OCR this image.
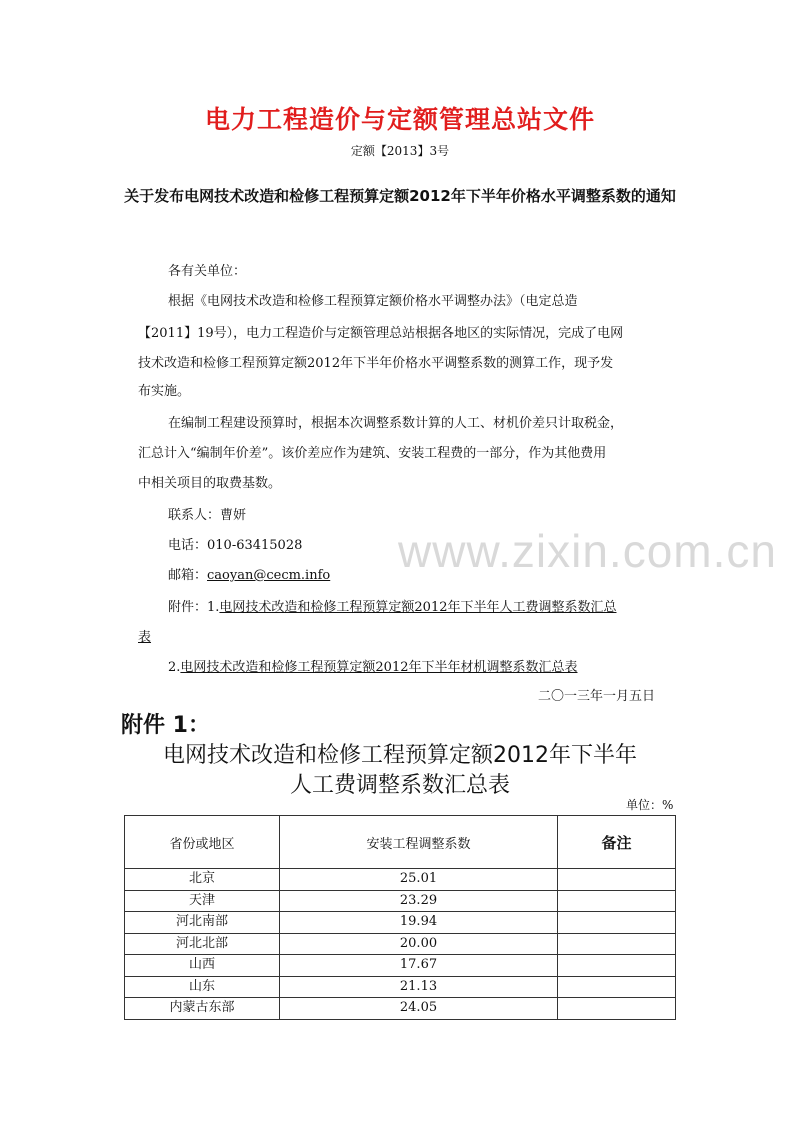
电力工程造价与定额管理总站文件
定额【2013】3号
关于发布电网技术改造和检修工程预算定额2012年下半年价格水平调整系数的通知
各有关单位：
根据《电网技术改造和检修工程预算定额价格水平调整办法》（电定总造
【2011】19号），电力工程造价与定额管理总站根据各地区的实际情况，完成了电网
技术改造和检修工程预算定额2012年下半年价格水平调整系数的测算工作，现予发
布实施。
在编制工程建设预算时，根据本次调整系数计算的人工、材机价差只计取税金，
汇总计入“编制年价差”。该价差应作为建筑、安装工程费的一部分，作为其他费用
中相关项目的取费基数。
联系人：曹妍
电话：010-63415028
邮箱：caoyan@cecm.info
附件：1.电网技术改造和检修工程预算定额2012年下半年人工费调整系数汇总
表
2.电网技术改造和检修工程预算定额2012年下半年材机调整系数汇总表
二〇一三年一月五日
www.zixin.com.cn
附件 1：
电网技术改造和检修工程预算定额2012年下半年
人工费调整系数汇总表
单位：%
省份或地区	安装工程调整系数	备注
北京	25.01	
天津	23.29	
河北南部	19.94	
河北北部	20.00	
山西	17.67	
山东	21.13	
内蒙古东部	24.05	
